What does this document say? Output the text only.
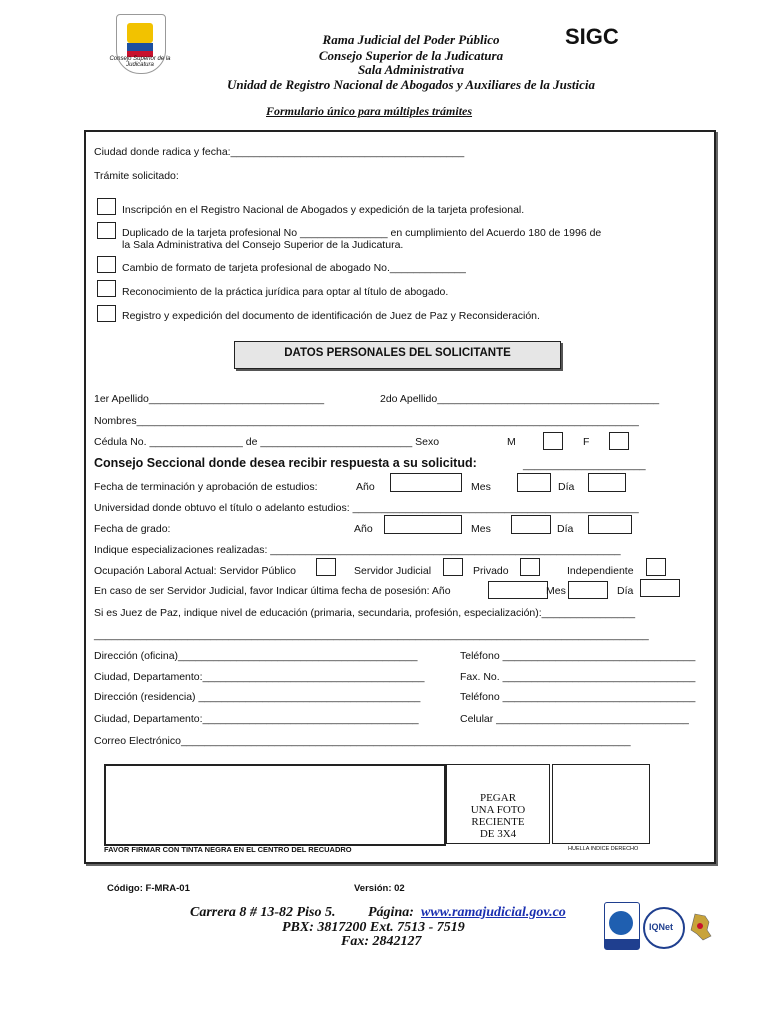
Consejo Superior de la Judicatura
Rama Judicial del Poder Público
Consejo Superior de la Judicatura
Sala Administrativa
Unidad de Registro Nacional de Abogados y Auxiliares de la Justicia
SIGC
Formulario único para múltiples trámites
Ciudad donde radica y fecha:________________________________________
Trámite solicitado:
Inscripción en el Registro Nacional de Abogados y expedición de la tarjeta profesional.
Duplicado de la tarjeta profesional No _______________ en cumplimiento del Acuerdo 180 de 1996 de
la Sala Administrativa del Consejo Superior de la Judicatura.
Cambio de formato de tarjeta profesional de abogado No._____________
Reconocimiento de la práctica jurídica para optar al título de abogado.
Registro y expedición del documento de identificación de Juez de Paz y Reconsideración.
DATOS PERSONALES DEL SOLICITANTE
1er Apellido______________________________	2do Apellido______________________________________
Nombres______________________________________________________________________________________
Cédula No. ________________ de __________________________ Sexo	M	F
Consejo Seccional donde desea recibir respuesta a su solicitud:	_____________________
Fecha de terminación y aprobación de estudios:	Año	Mes	Día
Universidad donde obtuvo el título o adelanto estudios: _________________________________________________
Fecha de grado:	Año	Mes	Día
Indique especializaciones realizadas: ____________________________________________________________
Ocupación Laboral Actual: Servidor Público	Servidor Judicial	Privado	Independiente
En caso de ser Servidor Judicial, favor Indicar última fecha de posesión: Año	Mes	Día
Si es Juez de Paz, indique nivel de educación (primaria, secundaria, profesión, especialización):________________
_______________________________________________________________________________________________
Dirección (oficina)_________________________________________	Teléfono _________________________________
Ciudad, Departamento:______________________________________	Fax. No. _________________________________
Dirección (residencia) ______________________________________	Teléfono _________________________________
Ciudad, Departamento:_____________________________________	Celular _________________________________
Correo Electrónico_____________________________________________________________________________
FAVOR FIRMAR CON TINTA NEGRA EN EL CENTRO DEL RECUADRO
PEGAR
UNA FOTO
RECIENTE
DE 3X4
HUELLA INDICE DERECHO
Código: F-MRA-01	Versión: 02
Carrera 8 # 13-82 Piso 5. Página: www.ramajudicial.gov.co
PBX: 3817200 Ext. 7513 - 7519
Fax: 2842127
IQNet
